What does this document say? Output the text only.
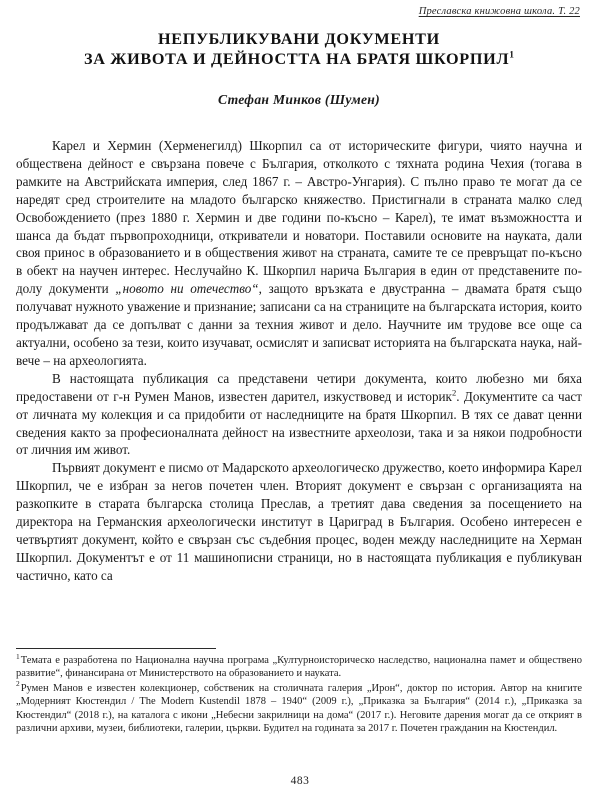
Преславска книжовна школа. Т. 22
НЕПУБЛИКУВАНИ ДОКУМЕНТИ
ЗА ЖИВОТА И ДЕЙНОСТТА НА БРАТЯ ШКОРПИЛ$^1$
Стефан Минков (Шумен)

Карел и Хермин (Херменегилд) Шкорпил са от историческите фигури, чиято научна и обществена дейност е свързана повече с България, отколкото с тяхната родина Чехия (тогава в рамките на Австрийската империя, след 1867 г. – Австро-Унгария). С пълно право те могат да се наредят сред строителите на младото българско княжество. Пристигнали в страната малко след Освобождението (през 1880 г. Хермин и две години по-късно – Карел), те имат възможността и шанса да бъдат първопроходници, откриватели и новатори. Поставили основите на науката, дали своя принос в образованието и в обществения живот на страната, самите те се превръщат по-късно в обект на научен интерес. Неслучайно К. Шкорпил нарича България в един от представените по-долу документи „новото ни отечество“, защото връзката е двустранна – двамата братя също получават нужното уважение и признание; записани са на страниците на българската история, които продължават да се допълват с данни за техния живот и дело. Научните им трудове все още са актуални, особено за тези, които изучават, осмислят и записват историята на българската наука, най-вече – на археологията.

В настоящата публикация са представени четири документа, които любезно ми бяха предоставени от г-н Румен Манов, известен дарител, изкуствовед и историк$^2$. Документите са част от личната му колекция и са придобити от наследниците на братя Шкорпил. В тях се дават ценни сведения както за професионалната дейност на известните археолози, така и за някои подробности от личния им живот.

Първият документ е писмо от Мадарското археологическо дружество, което информира Карел Шкорпил, че е избран за негов почетен член. Вторият документ е свързан с организацията на разкопките в старата българска столица Преслав, а третият дава сведения за посещението на директора на Германския археологически институт в Цариград в България. Особено интересен е четвъртият документ, който е свързан със съдебния процес, воден между наследниците на Херман Шкорпил. Документът е от 11 машинописни страници, но в настоящата публикация е публикуван частично, като са

$^1$Темата е разработена по Национална научна програма „Културноисторическо наследство, национална памет и обществено развитие“, финансирана от Министерството на образованието и науката.

$^2$Румен Манов е известен колекционер, собственик на столичната галерия „Ирон“, доктор по история. Автор на книгите „Модерният Кюстендил / The Modern Kustendil 1878 – 1940“ (2009 г.), „Приказка за България“ (2014 г.), „Приказка за Кюстендил“ (2018 г.), на каталога с икони „Небесни закрилници на дома“ (2017 г.). Неговите дарения могат да се открият в различни архиви, музеи, библиотеки, галерии, църкви. Будител на годината за 2017 г. Почетен гражданин на Кюстендил.

483
